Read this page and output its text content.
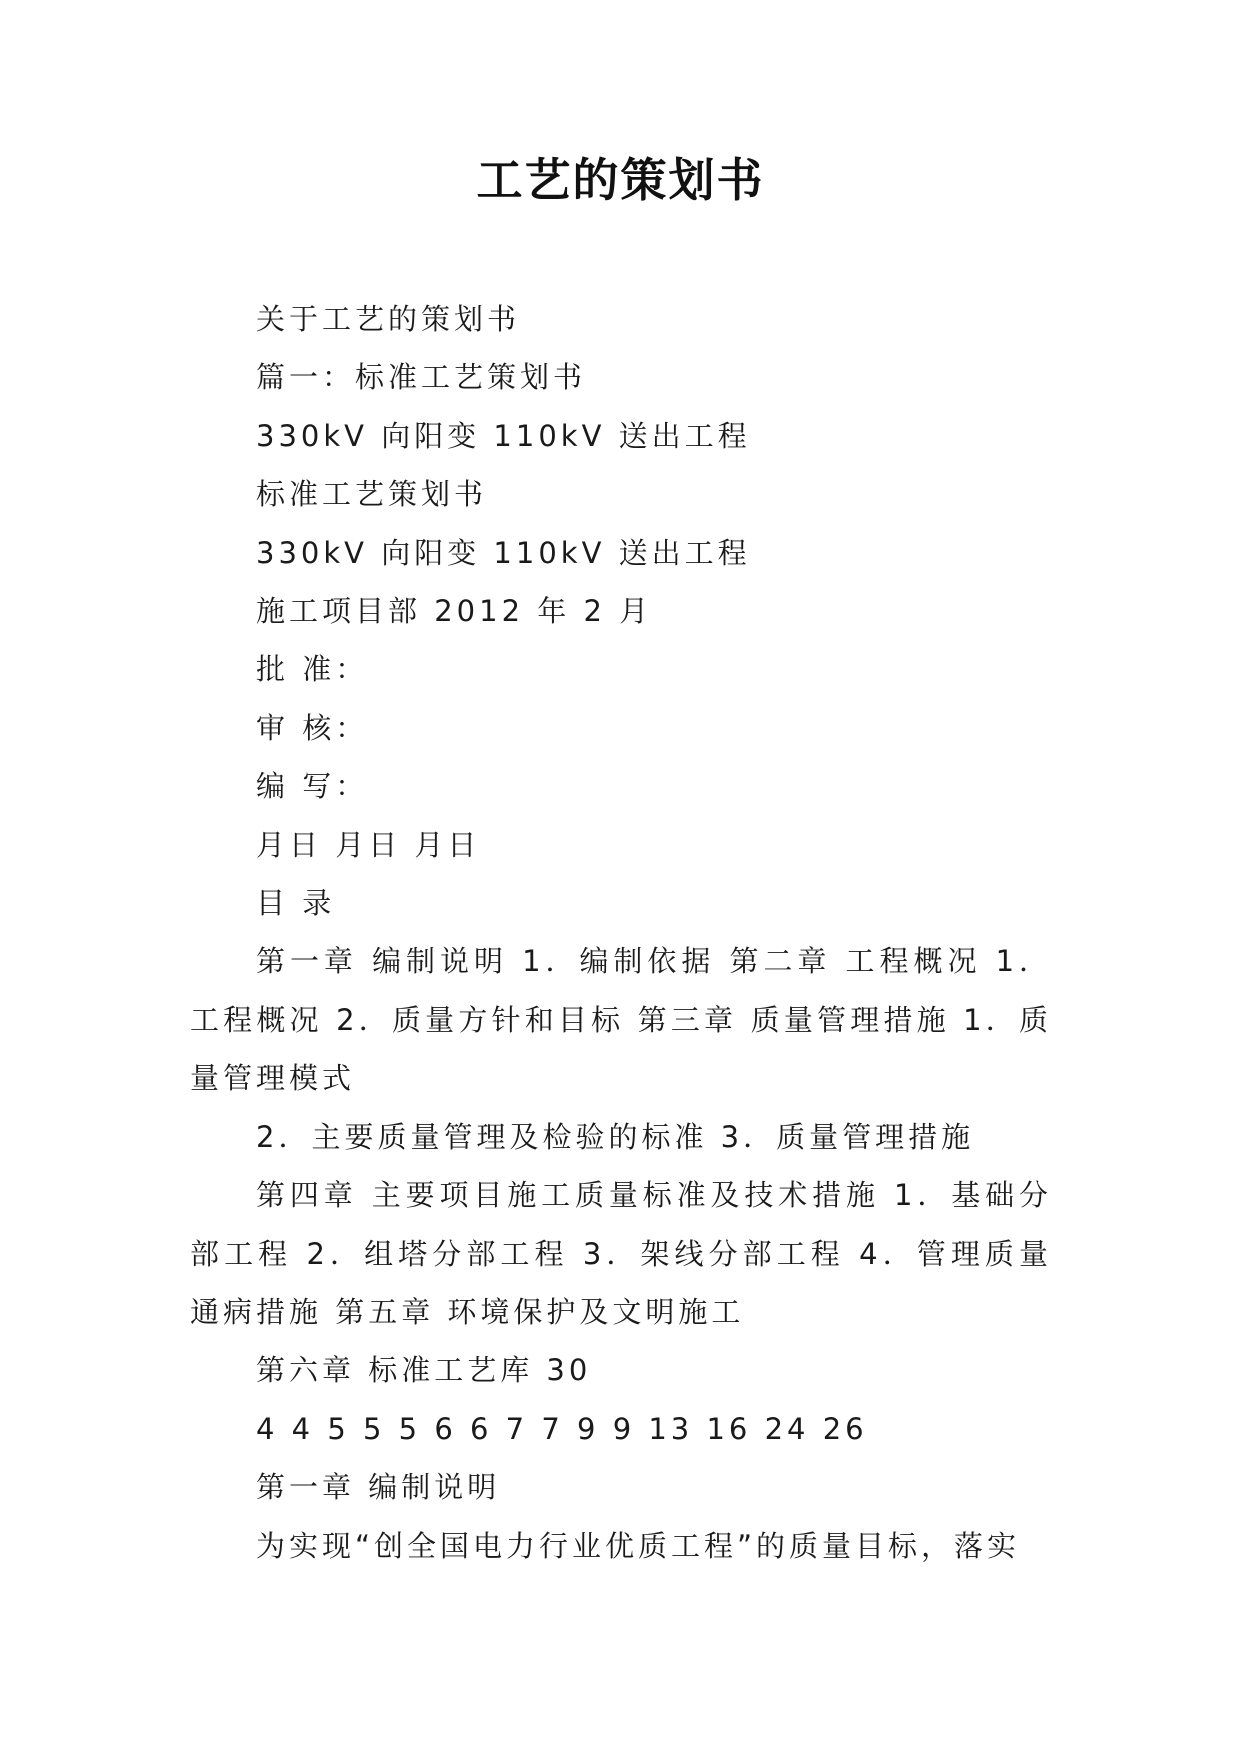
工艺的策划书

关于工艺的策划书

篇一：标准工艺策划书

330kV 向阳变 110kV 送出工程

标准工艺策划书

330kV 向阳变 110kV 送出工程

施工项目部 2012 年 2 月

批 准：

审 核：

编 写：

月日 月日 月日

目 录

第一章 编制说明 1．编制依据 第二章 工程概况 1．工程概况 2．质量方针和目标 第三章 质量管理措施 1．质量管理模式

2．主要质量管理及检验的标准 3．质量管理措施

第四章 主要项目施工质量标准及技术措施 1．基础分部工程 2．组塔分部工程 3．架线分部工程 4．管理质量通病措施 第五章 环境保护及文明施工

第六章 标准工艺库 30

4 4 5 5 5 6 6 7 7 9 9 13 16 24 26

第一章 编制说明

为实现“创全国电力行业优质工程”的质量目标，落实
